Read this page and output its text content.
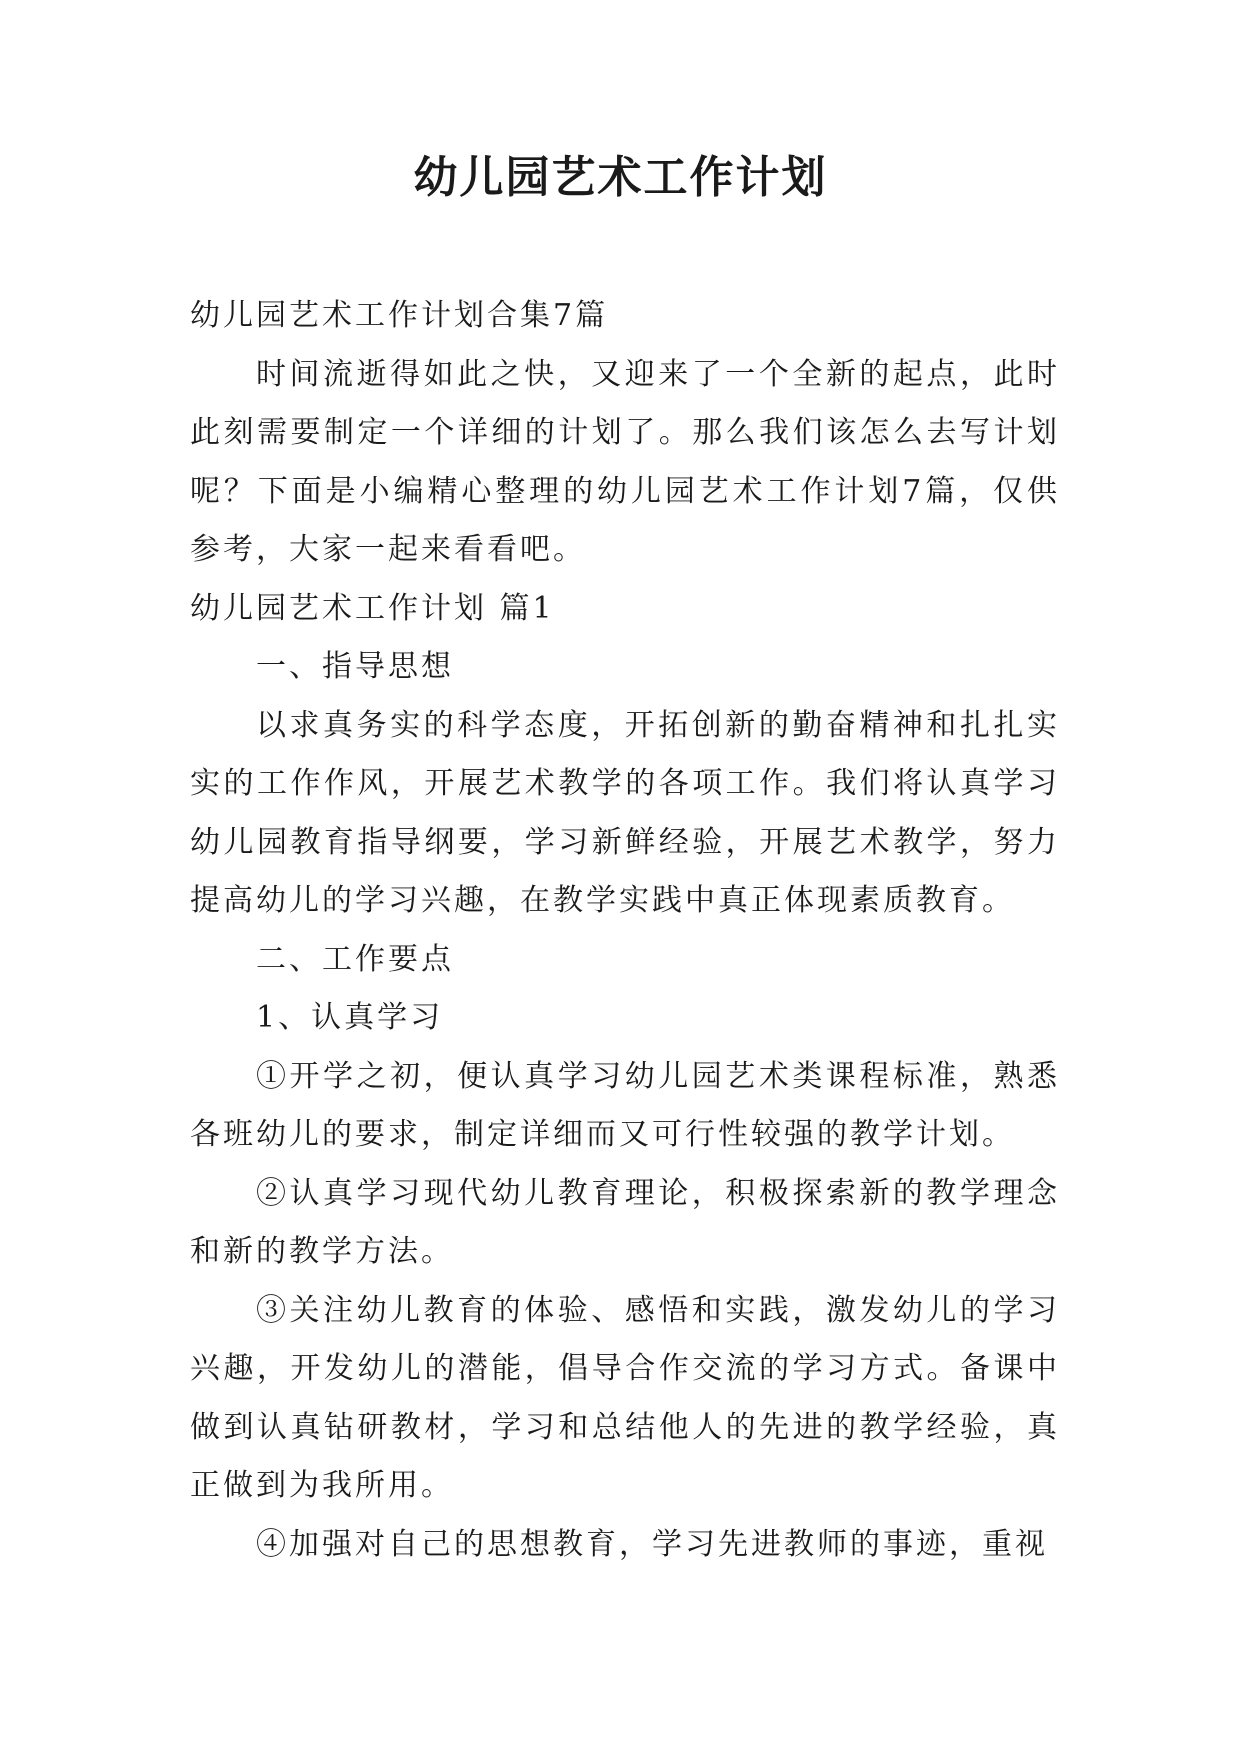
幼儿园艺术工作计划

幼儿园艺术工作计划合集7篇

时间流逝得如此之快，又迎来了一个全新的起点，此时此刻需要制定一个详细的计划了。那么我们该怎么去写计划呢？下面是小编精心整理的幼儿园艺术工作计划7篇，仅供参考，大家一起来看看吧。

幼儿园艺术工作计划 篇1

一、指导思想

以求真务实的科学态度，开拓创新的勤奋精神和扎扎实实的工作作风，开展艺术教学的各项工作。我们将认真学习幼儿园教育指导纲要，学习新鲜经验，开展艺术教学，努力提高幼儿的学习兴趣，在教学实践中真正体现素质教育。

二、工作要点

1、认真学习

①开学之初，便认真学习幼儿园艺术类课程标准，熟悉各班幼儿的要求，制定详细而又可行性较强的教学计划。

②认真学习现代幼儿教育理论，积极探索新的教学理念和新的教学方法。

③关注幼儿教育的体验、感悟和实践，激发幼儿的学习兴趣，开发幼儿的潜能，倡导合作交流的学习方式。备课中做到认真钻研教材，学习和总结他人的先进的教学经验，真正做到为我所用。

④加强对自己的思想教育，学习先进教师的事迹，重视
